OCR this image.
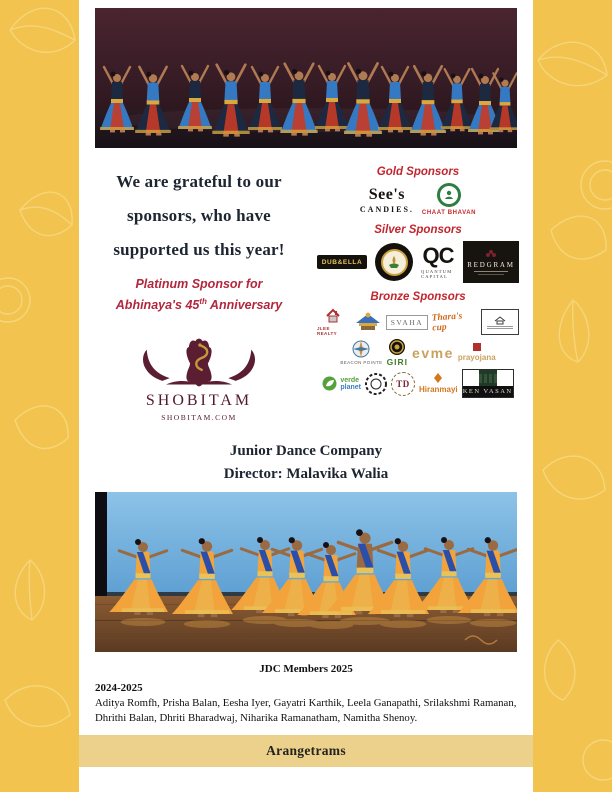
We are grateful to our
sponsors, who have
supported us this year!
Platinum Sponsor for
Abhinaya's 45th Anniversary
SHOBITAM
SHOBITAM.COM
Gold Sponsors
See's
CANDIES. CHAAT BHAVAN
Silver Sponsors
DUB&ELLA	QC
QUANTUM CAPITAL
REDGRAM
Bronze Sponsors
JLEE REALTY
SVAHA Thara's cup
BEACON POINTE GIRI
evme prayojana
verde
planet	TD
Hiranmayi KEN VASAN
Junior Dance Company
Director: Malavika Walia
JDC Members 2025
2024-2025
Aditya Romfh, Prisha Balan, Eesha Iyer, Gayatri Karthik, Leela Ganapathi, Srilakshmi Ramanan, Dhrithi Balan, Dhriti Bharadwaj, Niharika Ramanatham, Namitha Shenoy.
Arangetrams
